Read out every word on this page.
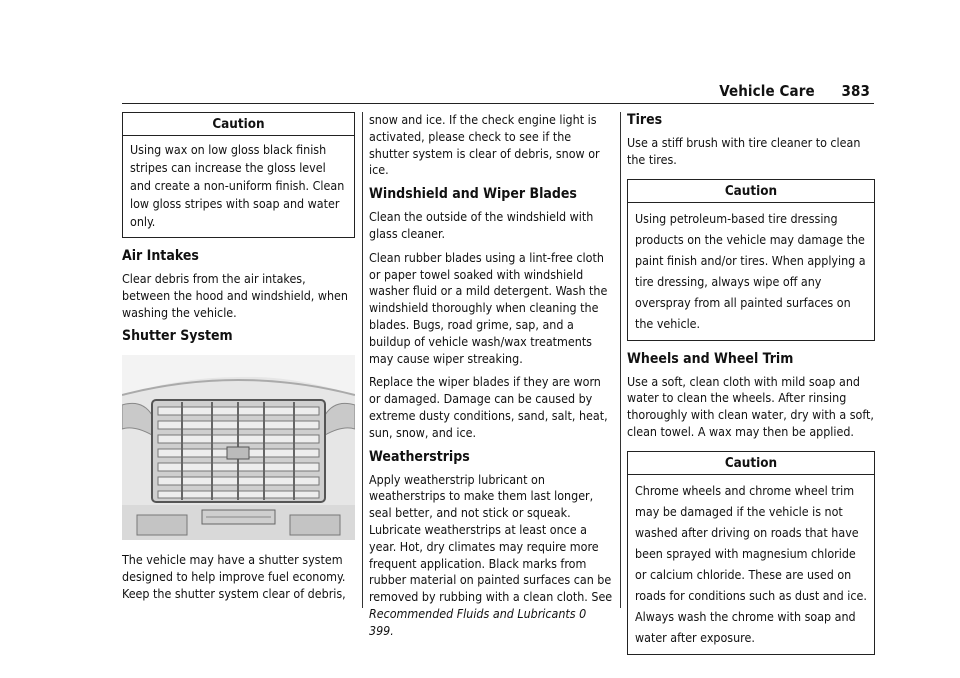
Vehicle Care 383
Caution
Using wax on low gloss black finish stripes can increase the gloss level and create a non-uniform finish. Clean low gloss stripes with soap and water only.
Air Intakes

Clear debris from the air intakes, between the hood and windshield, when washing the vehicle.

Shutter System

The vehicle may have a shutter system designed to help improve fuel economy. Keep the shutter system clear of debris,

snow and ice. If the check engine light is activated, please check to see if the shutter system is clear of debris, snow or ice.

Windshield and Wiper Blades

Clean the outside of the windshield with glass cleaner.

Clean rubber blades using a lint-free cloth or paper towel soaked with windshield washer fluid or a mild detergent. Wash the windshield thoroughly when cleaning the blades. Bugs, road grime, sap, and a buildup of vehicle wash/wax treatments may cause wiper streaking.

Replace the wiper blades if they are worn or damaged. Damage can be caused by extreme dusty conditions, sand, salt, heat, sun, snow, and ice.

Weatherstrips

Apply weatherstrip lubricant on weatherstrips to make them last longer, seal better, and not stick or squeak. Lubricate weatherstrips at least once a year. Hot, dry climates may require more frequent application. Black marks from rubber material on painted surfaces can be removed by rubbing with a clean cloth. See Recommended Fluids and Lubricants 0 399.

Tires

Use a stiff brush with tire cleaner to clean the tires.

Caution
Using petroleum-based tire dressing products on the vehicle may damage the paint finish and/or tires. When applying a tire dressing, always wipe off any overspray from all painted surfaces on the vehicle.
Wheels and Wheel Trim

Use a soft, clean cloth with mild soap and water to clean the wheels. After rinsing thoroughly with clean water, dry with a soft, clean towel. A wax may then be applied.

Caution
Chrome wheels and chrome wheel trim may be damaged if the vehicle is not washed after driving on roads that have been sprayed with magnesium chloride or calcium chloride. These are used on roads for conditions such as dust and ice. Always wash the chrome with soap and water after exposure.
